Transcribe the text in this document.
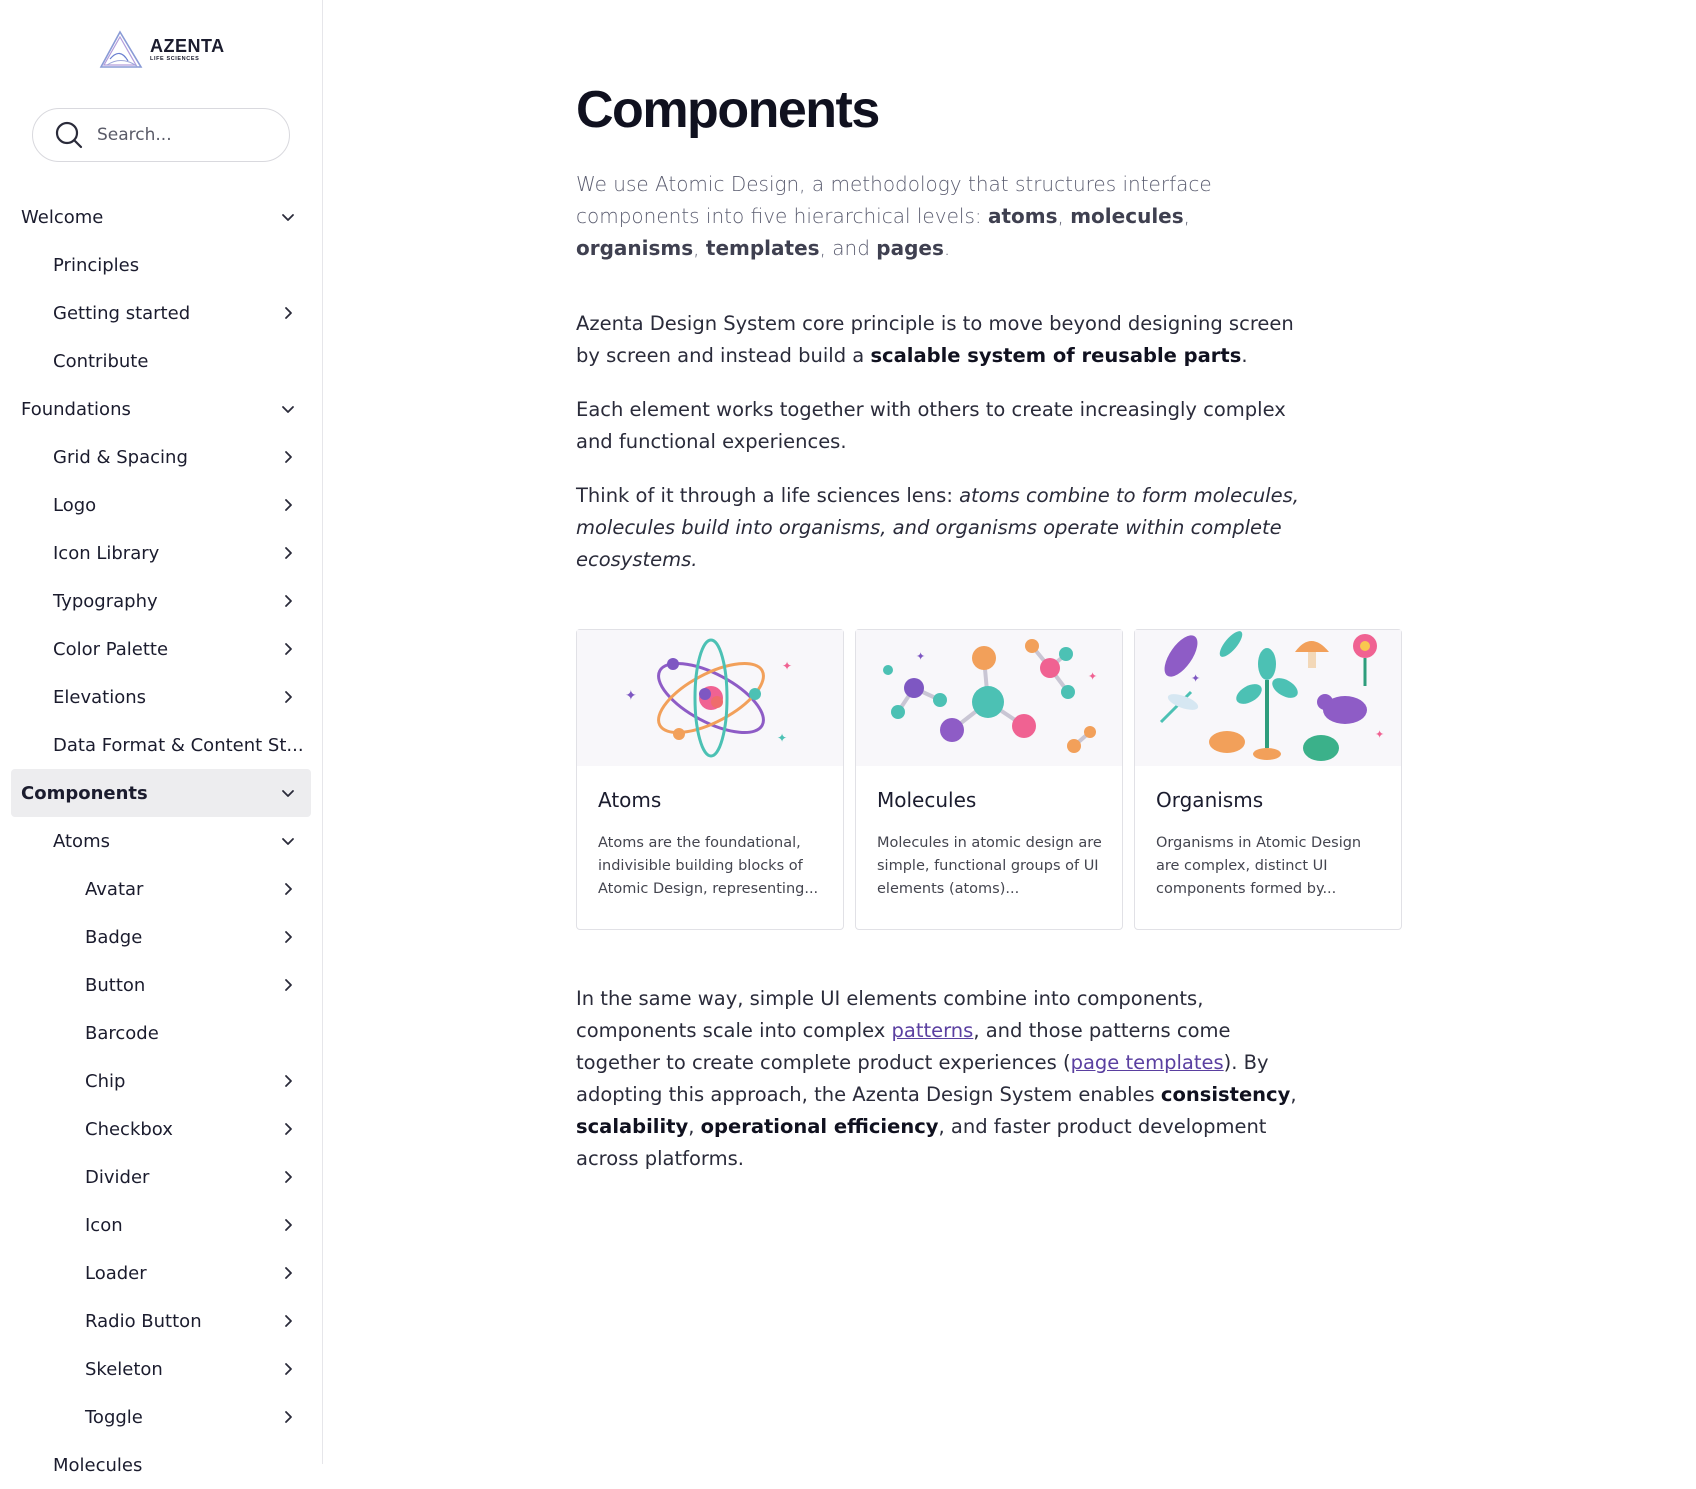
AZENTA
LIFE SCIENCES
Search...
Welcome
Principles
Getting started
Contribute
Foundations
Grid & Spacing
Logo
Icon Library
Typography
Color Palette
Elevations
Data Format & Content St...
Components
Atoms
Avatar
Badge
Button
Barcode
Chip
Checkbox
Divider
Icon
Loader
Radio Button
Skeleton
Toggle
Molecules
Components

We use Atomic Design, a methodology that structures interface components into five hierarchical levels: atoms, molecules, organisms, templates, and pages.

Azenta Design System core principle is to move beyond designing screen by screen and instead build a scalable system of reusable parts.

Each element works together with others to create increasingly complex and functional experiences.

Think of it through a life sciences lens: atoms combine to form molecules, molecules build into organisms, and organisms operate within complete ecosystems.

✦
✦
✦
Atoms
Atoms are the foundational, indivisible building blocks of Atomic Design, representing...
✦
✦
Molecules
Molecules in atomic design are simple, functional groups of UI elements (atoms)...
✦
✦
Organisms
Organisms in Atomic Design are complex, distinct UI components formed by...

In the same way, simple UI elements combine into components, components scale into complex patterns, and those patterns come together to create complete product experiences (page templates). By adopting this approach, the Azenta Design System enables consistency, scalability, operational efficiency, and faster product development across platforms.
